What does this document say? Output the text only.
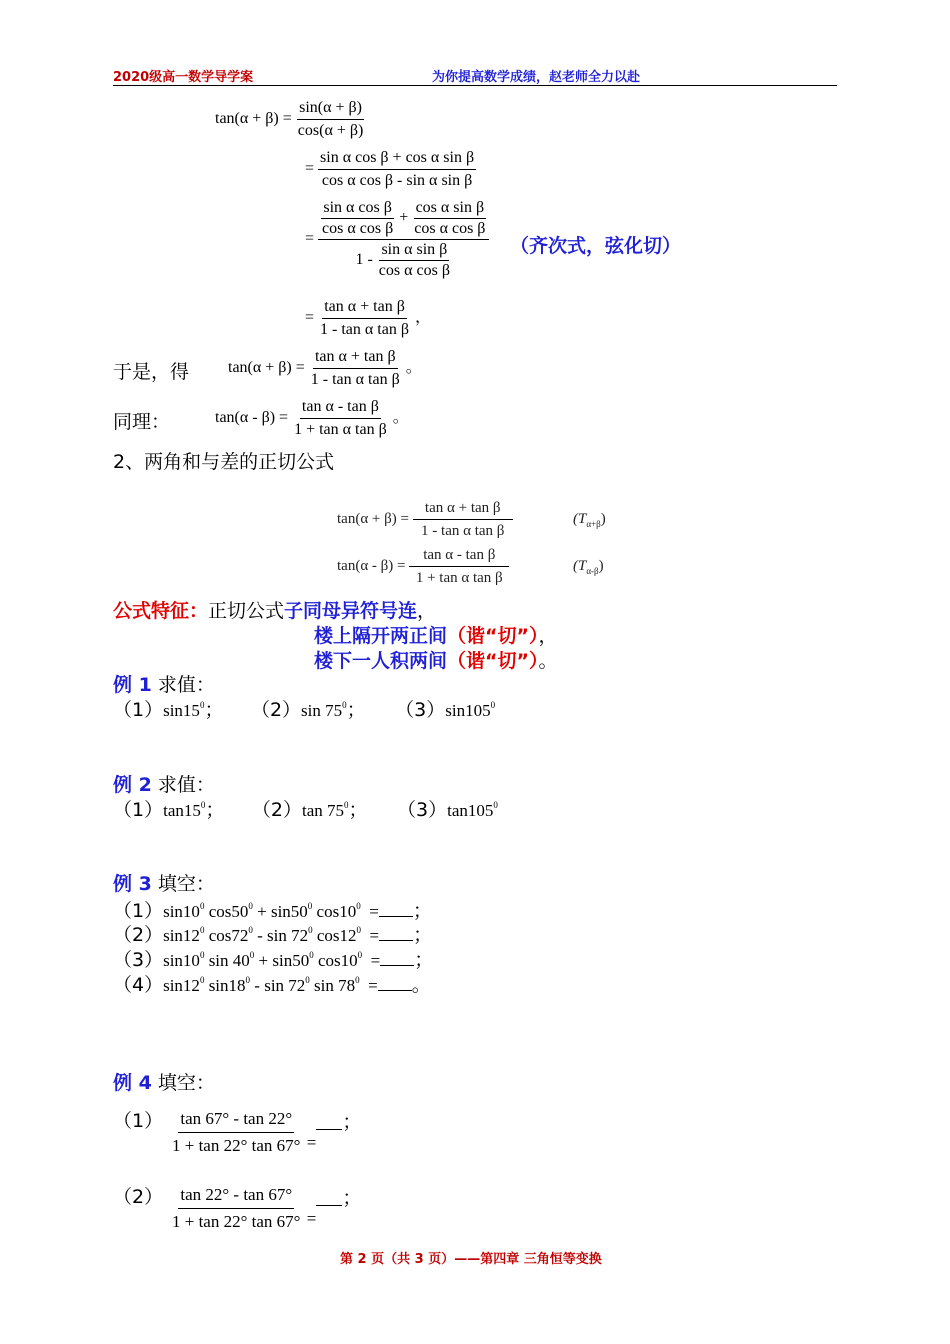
2020级高一数学导学案	为你提高数学成绩，赵老师全力以赴
$\tan(\alpha + \beta) = \frac{\sin(\alpha + \beta)}{\cos(\alpha + \beta)}$
= $\frac{\text{sin α cos β + cos α sin β}}{\text{cos α cos β - sin α sin β}}$
=
$\frac{\text{sin α cos β}}{\text{cos α cos β}} + \frac{\text{cos α sin β}}{\text{cos α cos β}}$
$1 - \frac{\text{sin α sin β}}{\text{cos α cos β}}$	（齐次式，弦化切）
= $\frac{\text{tan α + tan β}}{\text{1 - tan α tan β}}$ ，
于是，得 $\tan(\alpha + \beta) = \frac{\text{tan α + tan β}}{\text{1 - tan α tan β}}$ 。
同理：	$\tan(\alpha - \beta) = \frac{\text{tan α - tan β}}{\text{1 + tan α tan β}}$ 。
2、两角和与差的正切公式
$\tan(\alpha + \beta) = \frac{\text{tan α + tan β}}{\text{1 - tan α tan β}}$	$(T_{\alpha+\beta})$
$\tan(\alpha - \beta) = \frac{\text{tan α - tan β}}{\text{1 + tan α tan β}}$	$(T_{\alpha-\beta})$
公式特征：正切公式子同母异符号连，
楼上隔开两正间（谐“切”），
楼下一人积两间（谐“切”）。
例 1 求值：
$(1)\sin 15^0$； （2）sin $75^0$； $(3)\sin 105^0$
例 2 求值：
$(1)\tan 15^0$； （2）tan $75^0$； $(3)\tan 105^0$
例 3 填空：
$(1)\sin 10^0$ $\cos 50^0 + \sin 50^0$ $\cos 10^0$ = ；
$(2)\sin 12^0$ $\cos 72^0$ - $\sin 72^0$ $\cos 12^0$ = ；
$(3)\sin 10^0$ $\sin 40^0 + \sin 50^0$ $\cos 10^0$ = ；
$(4)\sin 12^0$ $\sin 18^0$ - $\sin 72^0$ $\sin 78^0$ = 。
例 4 填空：
$(1) \frac{\tan 67^\circ - \tan 22^\circ}{1 + \tan 22^\circ \tan 67^\circ}$ =；
$(2) \frac{\tan 22^\circ - \tan 67^\circ}{1 + \tan 22^\circ \tan 67^\circ}$ =；
第 2 页（共 3 页）——第四章 三角恒等变换
